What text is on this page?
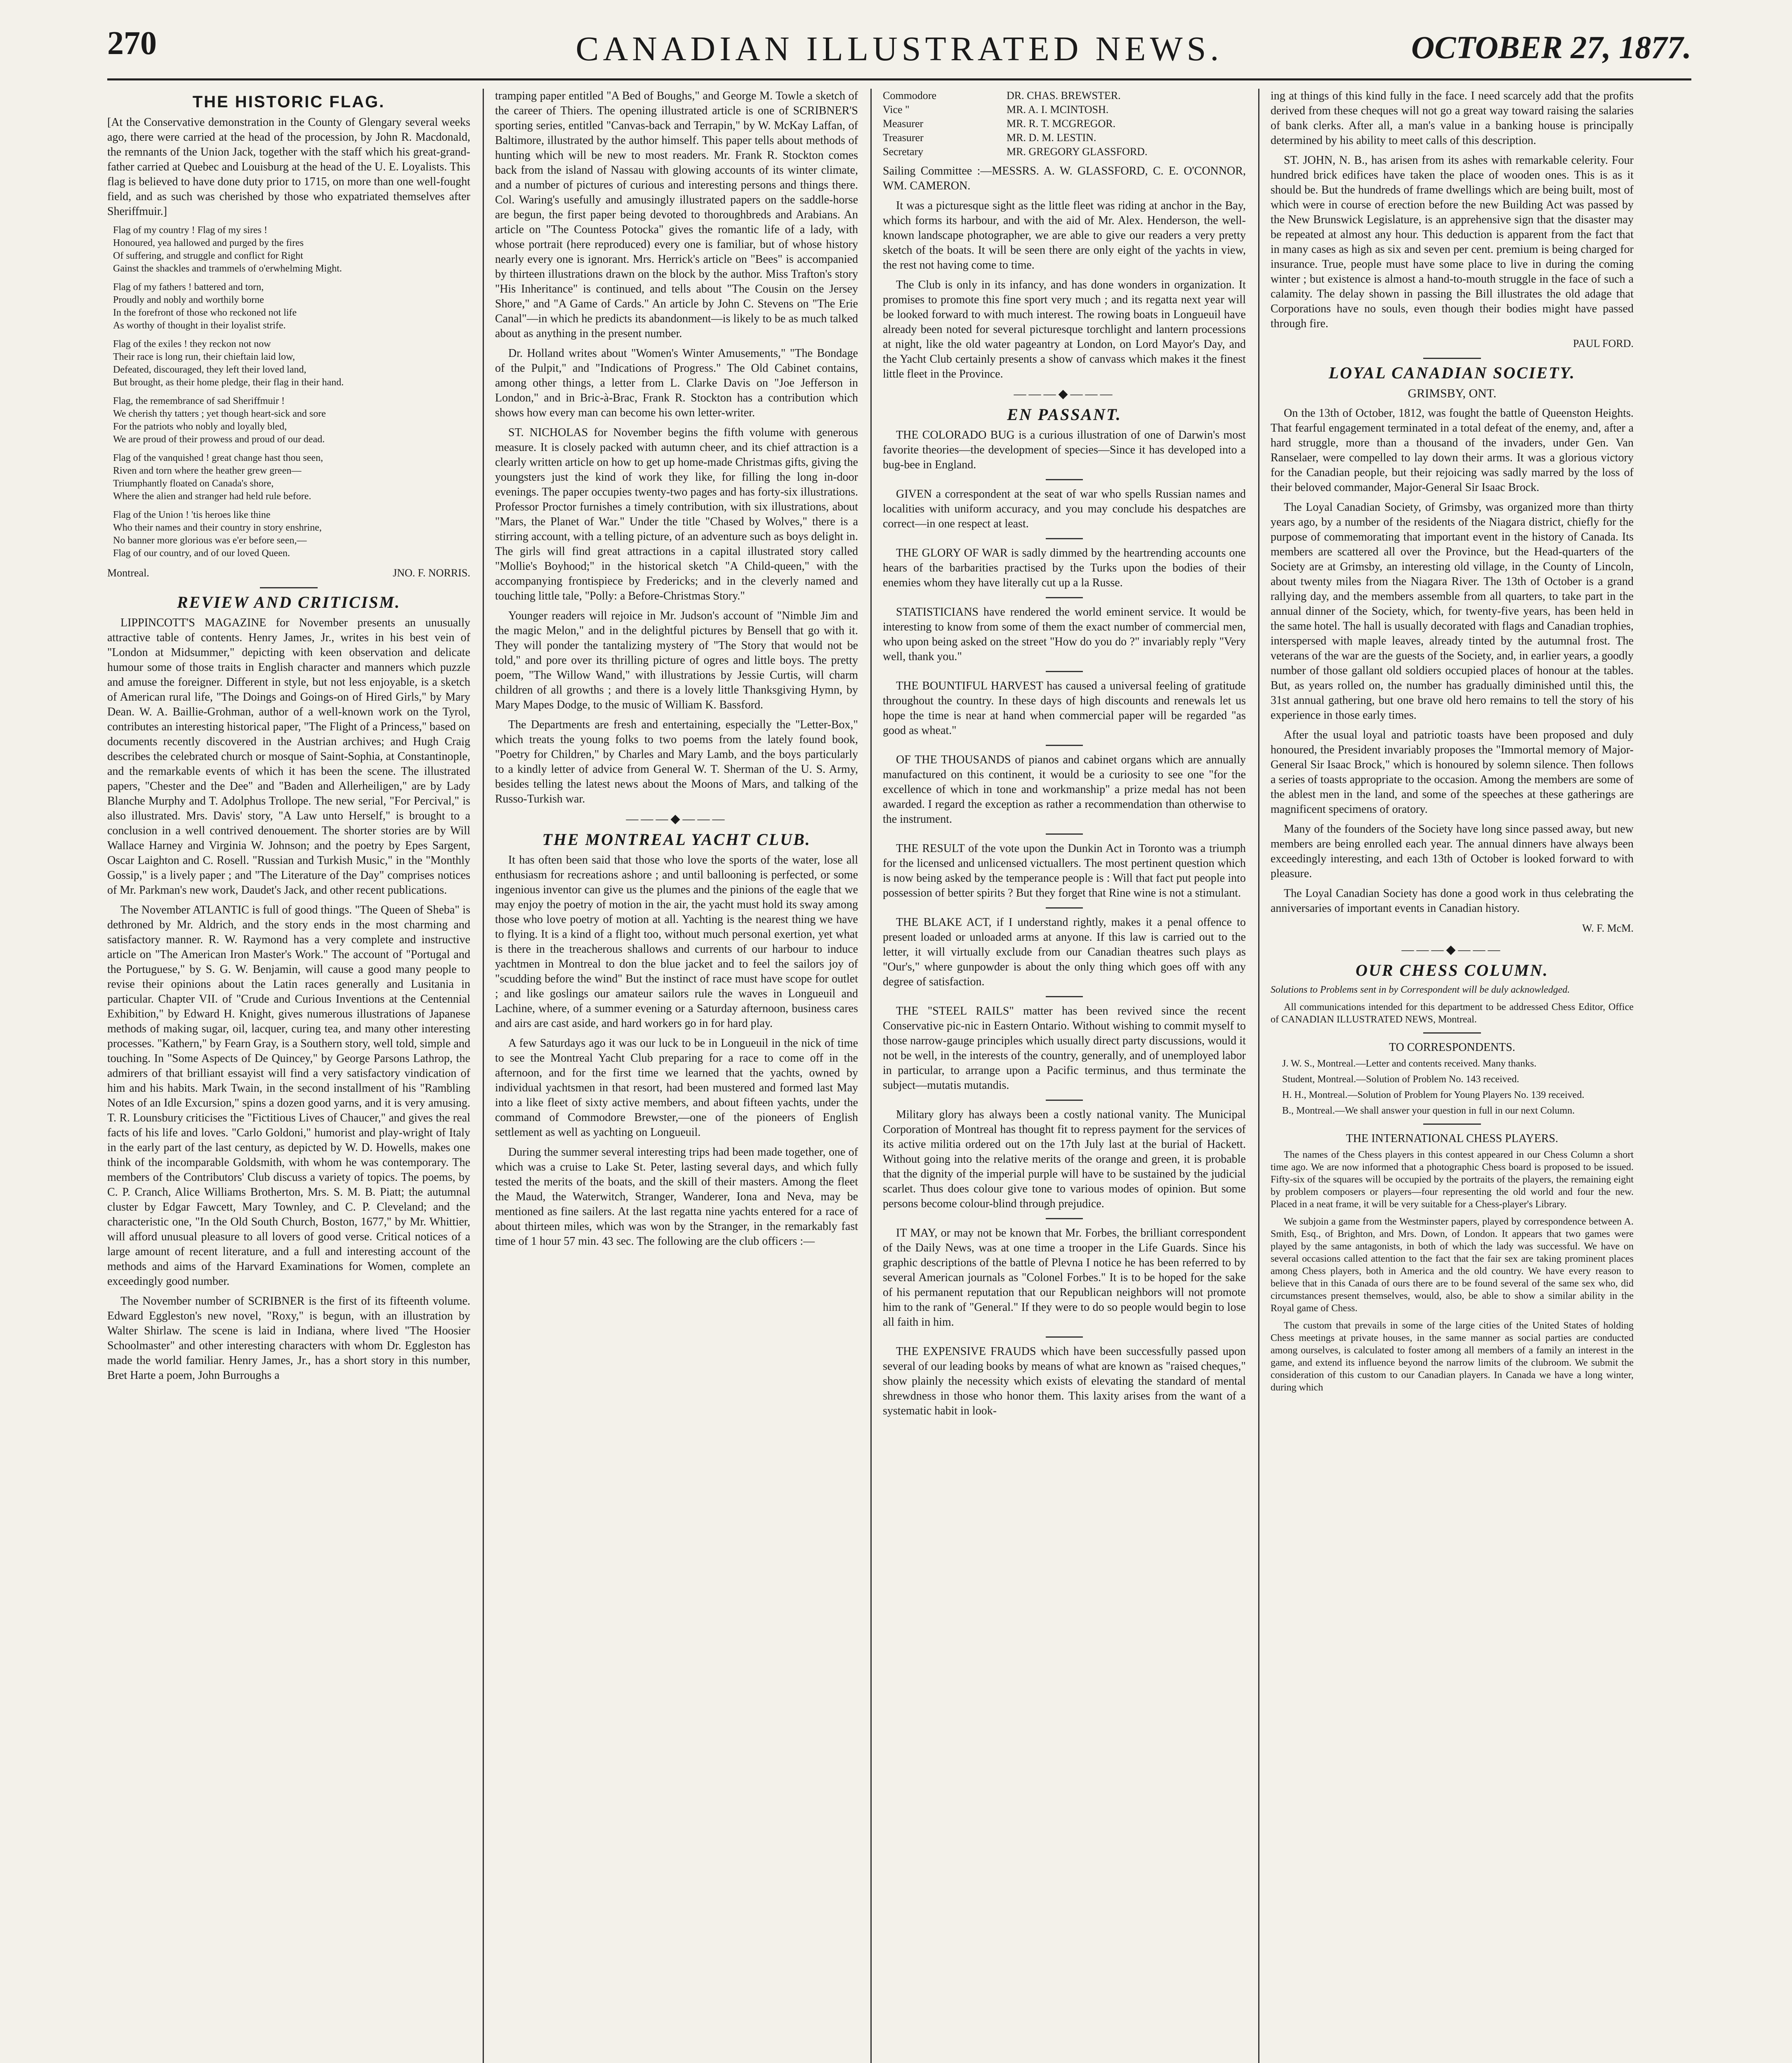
270	CANADIAN ILLUSTRATED NEWS.	OCTOBER 27, 1877.
THE HISTORIC FLAG.

[At the Conservative demonstration in the County of Glengary several weeks ago, there were carried at the head of the procession, by John R. Macdonald, the remnants of the Union Jack, together with the staff which his great-grand-father carried at Quebec and Louisburg at the head of the U. E. Loyalists. This flag is believed to have done duty prior to 1715, on more than one well-fought field, and as such was cherished by those who expatriated themselves after Sheriffmuir.]

Flag of my country ! Flag of my sires !
Honoured, yea hallowed and purged by the fires
Of suffering, and struggle and conflict for Right
Gainst the shackles and trammels of o'erwhelming Might.
Flag of my fathers ! battered and torn,
Proudly and nobly and worthily borne
In the forefront of those who reckoned not life
As worthy of thought in their loyalist strife.
Flag of the exiles ! they reckon not now
Their race is long run, their chieftain laid low,
Defeated, discouraged, they left their loved land,
But brought, as their home pledge, their flag in their hand.
Flag, the remembrance of sad Sheriffmuir !
We cherish thy tatters ; yet though heart-sick and sore
For the patriots who nobly and loyally bled,
We are proud of their prowess and proud of our dead.
Flag of the vanquished ! great change hast thou seen,
Riven and torn where the heather grew green—
Triumphantly floated on Canada's shore,
Where the alien and stranger had held rule before.
Flag of the Union ! 'tis heroes like thine
Who their names and their country in story enshrine,
No banner more glorious was e'er before seen,—
Flag of our country, and of our loved Queen.
Montreal.	JNO. F. NORRIS.
REVIEW AND CRITICISM.

LIPPINCOTT'S MAGAZINE for November presents an unusually attractive table of contents. Henry James, Jr., writes in his best vein of "London at Midsummer," depicting with keen observation and delicate humour some of those traits in English character and manners which puzzle and amuse the foreigner. Different in style, but not less enjoyable, is a sketch of American rural life, "The Doings and Goings-on of Hired Girls," by Mary Dean. W. A. Baillie-Grohman, author of a well-known work on the Tyrol, contributes an interesting historical paper, "The Flight of a Princess," based on documents recently discovered in the Austrian archives; and Hugh Craig describes the celebrated church or mosque of Saint-Sophia, at Constantinople, and the remarkable events of which it has been the scene. The illustrated papers, "Chester and the Dee" and "Baden and Allerheiligen," are by Lady Blanche Murphy and T. Adolphus Trollope. The new serial, "For Percival," is also illustrated. Mrs. Davis' story, "A Law unto Herself," is brought to a conclusion in a well contrived denouement. The shorter stories are by Will Wallace Harney and Virginia W. Johnson; and the poetry by Epes Sargent, Oscar Laighton and C. Rosell. "Russian and Turkish Music," in the "Monthly Gossip," is a lively paper ; and "The Literature of the Day" comprises notices of Mr. Parkman's new work, Daudet's Jack, and other recent publications.

The November ATLANTIC is full of good things. "The Queen of Sheba" is dethroned by Mr. Aldrich, and the story ends in the most charming and satisfactory manner. R. W. Raymond has a very complete and instructive article on "The American Iron Master's Work." The account of "Portugal and the Portuguese," by S. G. W. Benjamin, will cause a good many people to revise their opinions about the Latin races generally and Lusitania in particular. Chapter VII. of "Crude and Curious Inventions at the Centennial Exhibition," by Edward H. Knight, gives numerous illustrations of Japanese methods of making sugar, oil, lacquer, curing tea, and many other interesting processes. "Kathern," by Fearn Gray, is a Southern story, well told, simple and touching. In "Some Aspects of De Quincey," by George Parsons Lathrop, the admirers of that brilliant essayist will find a very satisfactory vindication of him and his habits. Mark Twain, in the second installment of his "Rambling Notes of an Idle Excursion," spins a dozen good yarns, and it is very amusing. T. R. Lounsbury criticises the "Fictitious Lives of Chaucer," and gives the real facts of his life and loves. "Carlo Goldoni," humorist and play-wright of Italy in the early part of the last century, as depicted by W. D. Howells, makes one think of the incomparable Goldsmith, with whom he was contemporary. The members of the Contributors' Club discuss a variety of topics. The poems, by C. P. Cranch, Alice Williams Brotherton, Mrs. S. M. B. Piatt; the autumnal cluster by Edgar Fawcett, Mary Townley, and C. P. Cleveland; and the characteristic one, "In the Old South Church, Boston, 1677," by Mr. Whittier, will afford unusual pleasure to all lovers of good verse. Critical notices of a large amount of recent literature, and a full and interesting account of the methods and aims of the Harvard Examinations for Women, complete an exceedingly good number.

The November number of SCRIBNER is the first of its fifteenth volume. Edward Eggleston's new novel, "Roxy," is begun, with an illustration by Walter Shirlaw. The scene is laid in Indiana, where lived "The Hoosier Schoolmaster" and other interesting characters with whom Dr. Eggleston has made the world familiar. Henry James, Jr., has a short story in this number, Bret Harte a poem, John Burroughs a

tramping paper entitled "A Bed of Boughs," and George M. Towle a sketch of the career of Thiers. The opening illustrated article is one of SCRIBNER'S sporting series, entitled "Canvas-back and Terrapin," by W. McKay Laffan, of Baltimore, illustrated by the author himself. This paper tells about methods of hunting which will be new to most readers. Mr. Frank R. Stockton comes back from the island of Nassau with glowing accounts of its winter climate, and a number of pictures of curious and interesting persons and things there. Col. Waring's usefully and amusingly illustrated papers on the saddle-horse are begun, the first paper being devoted to thoroughbreds and Arabians. An article on "The Countess Potocka" gives the romantic life of a lady, with whose portrait (here reproduced) every one is familiar, but of whose history nearly every one is ignorant. Mrs. Herrick's article on "Bees" is accompanied by thirteen illustrations drawn on the block by the author. Miss Trafton's story "His Inheritance" is continued, and tells about "The Cousin on the Jersey Shore," and "A Game of Cards." An article by John C. Stevens on "The Erie Canal"—in which he predicts its abandonment—is likely to be as much talked about as anything in the present number.

Dr. Holland writes about "Women's Winter Amusements," "The Bondage of the Pulpit," and "Indications of Progress." The Old Cabinet contains, among other things, a letter from L. Clarke Davis on "Joe Jefferson in London," and in Bric-à-Brac, Frank R. Stockton has a contribution which shows how every man can become his own letter-writer.

ST. NICHOLAS for November begins the fifth volume with generous measure. It is closely packed with autumn cheer, and its chief attraction is a clearly written article on how to get up home-made Christmas gifts, giving the youngsters just the kind of work they like, for filling the long in-door evenings. The paper occupies twenty-two pages and has forty-six illustrations. Professor Proctor furnishes a timely contribution, with six illustrations, about "Mars, the Planet of War." Under the title "Chased by Wolves," there is a stirring account, with a telling picture, of an adventure such as boys delight in. The girls will find great attractions in a capital illustrated story called "Mollie's Boyhood;" in the historical sketch "A Child-queen," with the accompanying frontispiece by Fredericks; and in the cleverly named and touching little tale, "Polly: a Before-Christmas Story."

Younger readers will rejoice in Mr. Judson's account of "Nimble Jim and the magic Melon," and in the delightful pictures by Bensell that go with it. They will ponder the tantalizing mystery of "The Story that would not be told," and pore over its thrilling picture of ogres and little boys. The pretty poem, "The Willow Wand," with illustrations by Jessie Curtis, will charm children of all growths ; and there is a lovely little Thanksgiving Hymn, by Mary Mapes Dodge, to the music of William K. Bassford.

The Departments are fresh and entertaining, especially the "Letter-Box," which treats the young folks to two poems from the lately found book, "Poetry for Children," by Charles and Mary Lamb, and the boys particularly to a kindly letter of advice from General W. T. Sherman of the U. S. Army, besides telling the latest news about the Moons of Mars, and talking of the Russo-Turkish war.

―――◆―――
THE MONTREAL YACHT CLUB.

It has often been said that those who love the sports of the water, lose all enthusiasm for recreations ashore ; and until ballooning is perfected, or some ingenious inventor can give us the plumes and the pinions of the eagle that we may enjoy the poetry of motion in the air, the yacht must hold its sway among those who love poetry of motion at all. Yachting is the nearest thing we have to flying. It is a kind of a flight too, without much personal exertion, yet what is there in the treacherous shallows and currents of our harbour to induce yachtmen in Montreal to don the blue jacket and to feel the sailors joy of "scudding before the wind" But the instinct of race must have scope for outlet ; and like goslings our amateur sailors rule the waves in Longueuil and Lachine, where, of a summer evening or a Saturday afternoon, business cares and airs are cast aside, and hard workers go in for hard play.

A few Saturdays ago it was our luck to be in Longueuil in the nick of time to see the Montreal Yacht Club preparing for a race to come off in the afternoon, and for the first time we learned that the yachts, owned by individual yachtsmen in that resort, had been mustered and formed last May into a like fleet of sixty active members, and about fifteen yachts, under the command of Commodore Brewster,—one of the pioneers of English settlement as well as yachting on Longueuil.

During the summer several interesting trips had been made together, one of which was a cruise to Lake St. Peter, lasting several days, and which fully tested the merits of the boats, and the skill of their masters. Among the fleet the Maud, the Waterwitch, Stranger, Wanderer, Iona and Neva, may be mentioned as fine sailers. At the last regatta nine yachts entered for a race of about thirteen miles, which was won by the Stranger, in the remarkably fast time of 1 hour 57 min. 43 sec. The following are the club officers :—

Commodore	DR. CHAS. BREWSTER.
Vice "	MR. A. I. MCINTOSH.
Measurer	MR. R. T. MCGREGOR.
Treasurer	MR. D. M. LESTIN.
Secretary	MR. GREGORY GLASSFORD.

Sailing Committee :—MESSRS. A. W. GLASSFORD, C. E. O'CONNOR, WM. CAMERON.

It was a picturesque sight as the little fleet was riding at anchor in the Bay, which forms its harbour, and with the aid of Mr. Alex. Henderson, the well-known landscape photographer, we are able to give our readers a very pretty sketch of the boats. It will be seen there are only eight of the yachts in view, the rest not having come to time.

The Club is only in its infancy, and has done wonders in organization. It promises to promote this fine sport very much ; and its regatta next year will be looked forward to with much interest. The rowing boats in Longueuil have already been noted for several picturesque torchlight and lantern processions at night, like the old water pageantry at London, on Lord Mayor's Day, and the Yacht Club certainly presents a show of canvass which makes it the finest little fleet in the Province.

―――◆―――
EN PASSANT.

THE COLORADO BUG is a curious illustration of one of Darwin's most favorite theories—the development of species—Since it has developed into a bug-bee in England.

GIVEN a correspondent at the seat of war who spells Russian names and localities with uniform accuracy, and you may conclude his despatches are correct—in one respect at least.

THE GLORY OF WAR is sadly dimmed by the heartrending accounts one hears of the barbarities practised by the Turks upon the bodies of their enemies whom they have literally cut up a la Russe.

STATISTICIANS have rendered the world eminent service. It would be interesting to know from some of them the exact number of commercial men, who upon being asked on the street "How do you do ?" invariably reply "Very well, thank you."

THE BOUNTIFUL HARVEST has caused a universal feeling of gratitude throughout the country. In these days of high discounts and renewals let us hope the time is near at hand when commercial paper will be regarded "as good as wheat."

OF THE THOUSANDS of pianos and cabinet organs which are annually manufactured on this continent, it would be a curiosity to see one "for the excellence of which in tone and workmanship" a prize medal has not been awarded. I regard the exception as rather a recommendation than otherwise to the instrument.

THE RESULT of the vote upon the Dunkin Act in Toronto was a triumph for the licensed and unlicensed victuallers. The most pertinent question which is now being asked by the temperance people is : Will that fact put people into possession of better spirits ? But they forget that Rine wine is not a stimulant.

THE BLAKE ACT, if I understand rightly, makes it a penal offence to present loaded or unloaded arms at anyone. If this law is carried out to the letter, it will virtually exclude from our Canadian theatres such plays as "Our's," where gunpowder is about the only thing which goes off with any degree of satisfaction.

THE "STEEL RAILS" matter has been revived since the recent Conservative pic-nic in Eastern Ontario. Without wishing to commit myself to those narrow-gauge principles which usually direct party discussions, would it not be well, in the interests of the country, generally, and of unemployed labor in particular, to arrange upon a Pacific terminus, and thus terminate the subject—mutatis mutandis.

Military glory has always been a costly national vanity. The Municipal Corporation of Montreal has thought fit to repress payment for the services of its active militia ordered out on the 17th July last at the burial of Hackett. Without going into the relative merits of the orange and green, it is probable that the dignity of the imperial purple will have to be sustained by the judicial scarlet. Thus does colour give tone to various modes of opinion. But some persons become colour-blind through prejudice.

IT MAY, or may not be known that Mr. Forbes, the brilliant correspondent of the Daily News, was at one time a trooper in the Life Guards. Since his graphic descriptions of the battle of Plevna I notice he has been referred to by several American journals as "Colonel Forbes." It is to be hoped for the sake of his permanent reputation that our Republican neighbors will not promote him to the rank of "General." If they were to do so people would begin to lose all faith in him.

THE EXPENSIVE FRAUDS which have been successfully passed upon several of our leading books by means of what are known as "raised cheques," show plainly the necessity which exists of elevating the standard of mental shrewdness in those who honor them. This laxity arises from the want of a systematic habit in look-

ing at things of this kind fully in the face. I need scarcely add that the profits derived from these cheques will not go a great way toward raising the salaries of bank clerks. After all, a man's value in a banking house is principally determined by his ability to meet calls of this description.

ST. JOHN, N. B., has arisen from its ashes with remarkable celerity. Four hundred brick edifices have taken the place of wooden ones. This is as it should be. But the hundreds of frame dwellings which are being built, most of which were in course of erection before the new Building Act was passed by the New Brunswick Legislature, is an apprehensive sign that the disaster may be repeated at almost any hour. This deduction is apparent from the fact that in many cases as high as six and seven per cent. premium is being charged for insurance. True, people must have some place to live in during the coming winter ; but existence is almost a hand-to-mouth struggle in the face of such a calamity. The delay shown in passing the Bill illustrates the old adage that Corporations have no souls, even though their bodies might have passed through fire.

PAUL FORD.
LOYAL CANADIAN SOCIETY.
GRIMSBY, ONT.

On the 13th of October, 1812, was fought the battle of Queenston Heights. That fearful engagement terminated in a total defeat of the enemy, and, after a hard struggle, more than a thousand of the invaders, under Gen. Van Ranselaer, were compelled to lay down their arms. It was a glorious victory for the Canadian people, but their rejoicing was sadly marred by the loss of their beloved commander, Major-General Sir Isaac Brock.

The Loyal Canadian Society, of Grimsby, was organized more than thirty years ago, by a number of the residents of the Niagara district, chiefly for the purpose of commemorating that important event in the history of Canada. Its members are scattered all over the Province, but the Head-quarters of the Society are at Grimsby, an interesting old village, in the County of Lincoln, about twenty miles from the Niagara River. The 13th of October is a grand rallying day, and the members assemble from all quarters, to take part in the annual dinner of the Society, which, for twenty-five years, has been held in the same hotel. The hall is usually decorated with flags and Canadian trophies, interspersed with maple leaves, already tinted by the autumnal frost. The veterans of the war are the guests of the Society, and, in earlier years, a goodly number of those gallant old soldiers occupied places of honour at the tables. But, as years rolled on, the number has gradually diminished until this, the 31st annual gathering, but one brave old hero remains to tell the story of his experience in those early times.

After the usual loyal and patriotic toasts have been proposed and duly honoured, the President invariably proposes the "Immortal memory of Major-General Sir Isaac Brock," which is honoured by solemn silence. Then follows a series of toasts appropriate to the occasion. Among the members are some of the ablest men in the land, and some of the speeches at these gatherings are magnificent specimens of oratory.

Many of the founders of the Society have long since passed away, but new members are being enrolled each year. The annual dinners have always been exceedingly interesting, and each 13th of October is looked forward to with pleasure.

The Loyal Canadian Society has done a good work in thus celebrating the anniversaries of important events in Canadian history.

W. F. McM.
―――◆―――
OUR CHESS COLUMN.
Solutions to Problems sent in by Correspondent will be duly acknowledged.

All communications intended for this department to be addressed Chess Editor, Office of CANADIAN ILLUSTRATED NEWS, Montreal.

TO CORRESPONDENTS.

J. W. S., Montreal.—Letter and contents received. Many thanks.

Student, Montreal.—Solution of Problem No. 143 received.

H. H., Montreal.—Solution of Problem for Young Players No. 139 received.

B., Montreal.—We shall answer your question in full in our next Column.

THE INTERNATIONAL CHESS PLAYERS.

The names of the Chess players in this contest appeared in our Chess Column a short time ago. We are now informed that a photographic Chess board is proposed to be issued. Fifty-six of the squares will be occupied by the portraits of the players, the remaining eight by problem composers or players—four representing the old world and four the new. Placed in a neat frame, it will be very suitable for a Chess-player's Library.

We subjoin a game from the Westminster papers, played by correspondence between A. Smith, Esq., of Brighton, and Mrs. Down, of London. It appears that two games were played by the same antagonists, in both of which the lady was successful. We have on several occasions called attention to the fact that the fair sex are taking prominent places among Chess players, both in America and the old country. We have every reason to believe that in this Canada of ours there are to be found several of the same sex who, did circumstances present themselves, would, also, be able to show a similar ability in the Royal game of Chess.

The custom that prevails in some of the large cities of the United States of holding Chess meetings at private houses, in the same manner as social parties are conducted among ourselves, is calculated to foster among all members of a family an interest in the game, and extend its influence beyond the narrow limits of the clubroom. We submit the consideration of this custom to our Canadian players. In Canada we have a long winter, during which
